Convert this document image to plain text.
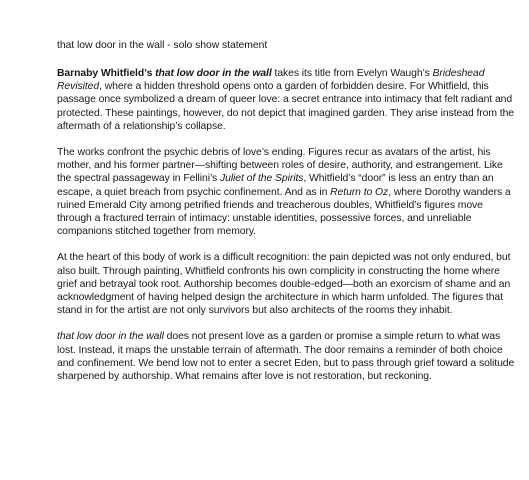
that low door in the wall - solo show statement

Barnaby Whitfield’s that low door in the wall takes its title from Evelyn Waugh’s Brideshead Revisited, where a hidden threshold opens onto a garden of forbidden desire. For Whitfield, this passage once symbolized a dream of queer love: a secret entrance into intimacy that felt radiant and protected. These paintings, however, do not depict that imagined garden. They arise instead from the aftermath of a relationship’s collapse.

The works confront the psychic debris of love’s ending. Figures recur as avatars of the artist, his mother, and his former partner—shifting between roles of desire, authority, and estrangement. Like the spectral passageway in Fellini’s Juliet of the Spirits, Whitfield’s “door” is less an entry than an escape, a quiet breach from psychic confinement. And as in Return to Oz, where Dorothy wanders a ruined Emerald City among petrified friends and treacherous doubles, Whitfield’s figures move through a fractured terrain of intimacy: unstable identities, possessive forces, and unreliable companions stitched together from memory.

At the heart of this body of work is a difficult recognition: the pain depicted was not only endured, but also built. Through painting, Whitfield confronts his own complicity in constructing the home where grief and betrayal took root. Authorship becomes double-edged—both an exorcism of shame and an acknowledgment of having helped design the architecture in which harm unfolded. The figures that stand in for the artist are not only survivors but also architects of the rooms they inhabit.

that low door in the wall does not present love as a garden or promise a simple return to what was lost. Instead, it maps the unstable terrain of aftermath. The door remains a reminder of both choice and confinement. We bend low not to enter a secret Eden, but to pass through grief toward a solitude sharpened by authorship. What remains after love is not restoration, but reckoning.
